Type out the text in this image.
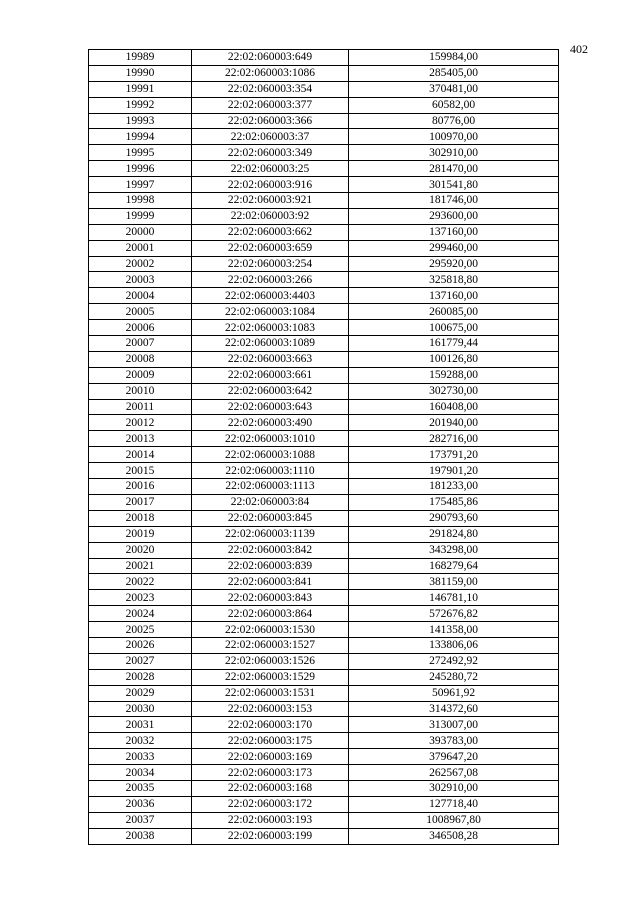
402
19989	22:02:060003:649	159984,00
19990	22:02:060003:1086	285405,00
19991	22:02:060003:354	370481,00
19992	22:02:060003:377	60582,00
19993	22:02:060003:366	80776,00
19994	22:02:060003:37	100970,00
19995	22:02:060003:349	302910,00
19996	22:02:060003:25	281470,00
19997	22:02:060003:916	301541,80
19998	22:02:060003:921	181746,00
19999	22:02:060003:92	293600,00
20000	22:02:060003:662	137160,00
20001	22:02:060003:659	299460,00
20002	22:02:060003:254	295920,00
20003	22:02:060003:266	325818,80
20004	22:02:060003:4403	137160,00
20005	22:02:060003:1084	260085,00
20006	22:02:060003:1083	100675,00
20007	22:02:060003:1089	161779,44
20008	22:02:060003:663	100126,80
20009	22:02:060003:661	159288,00
20010	22:02:060003:642	302730,00
20011	22:02:060003:643	160408,00
20012	22:02:060003:490	201940,00
20013	22:02:060003:1010	282716,00
20014	22:02:060003:1088	173791,20
20015	22:02:060003:1110	197901,20
20016	22:02:060003:1113	181233,00
20017	22:02:060003:84	175485,86
20018	22:02:060003:845	290793,60
20019	22:02:060003:1139	291824,80
20020	22:02:060003:842	343298,00
20021	22:02:060003:839	168279,64
20022	22:02:060003:841	381159,00
20023	22:02:060003:843	146781,10
20024	22:02:060003:864	572676,82
20025	22:02:060003:1530	141358,00
20026	22:02:060003:1527	133806,06
20027	22:02:060003:1526	272492,92
20028	22:02:060003:1529	245280,72
20029	22:02:060003:1531	50961,92
20030	22:02:060003:153	314372,60
20031	22:02:060003:170	313007,00
20032	22:02:060003:175	393783,00
20033	22:02:060003:169	379647,20
20034	22:02:060003:173	262567,08
20035	22:02:060003:168	302910,00
20036	22:02:060003:172	127718,40
20037	22:02:060003:193	1008967,80
20038	22:02:060003:199	346508,28
